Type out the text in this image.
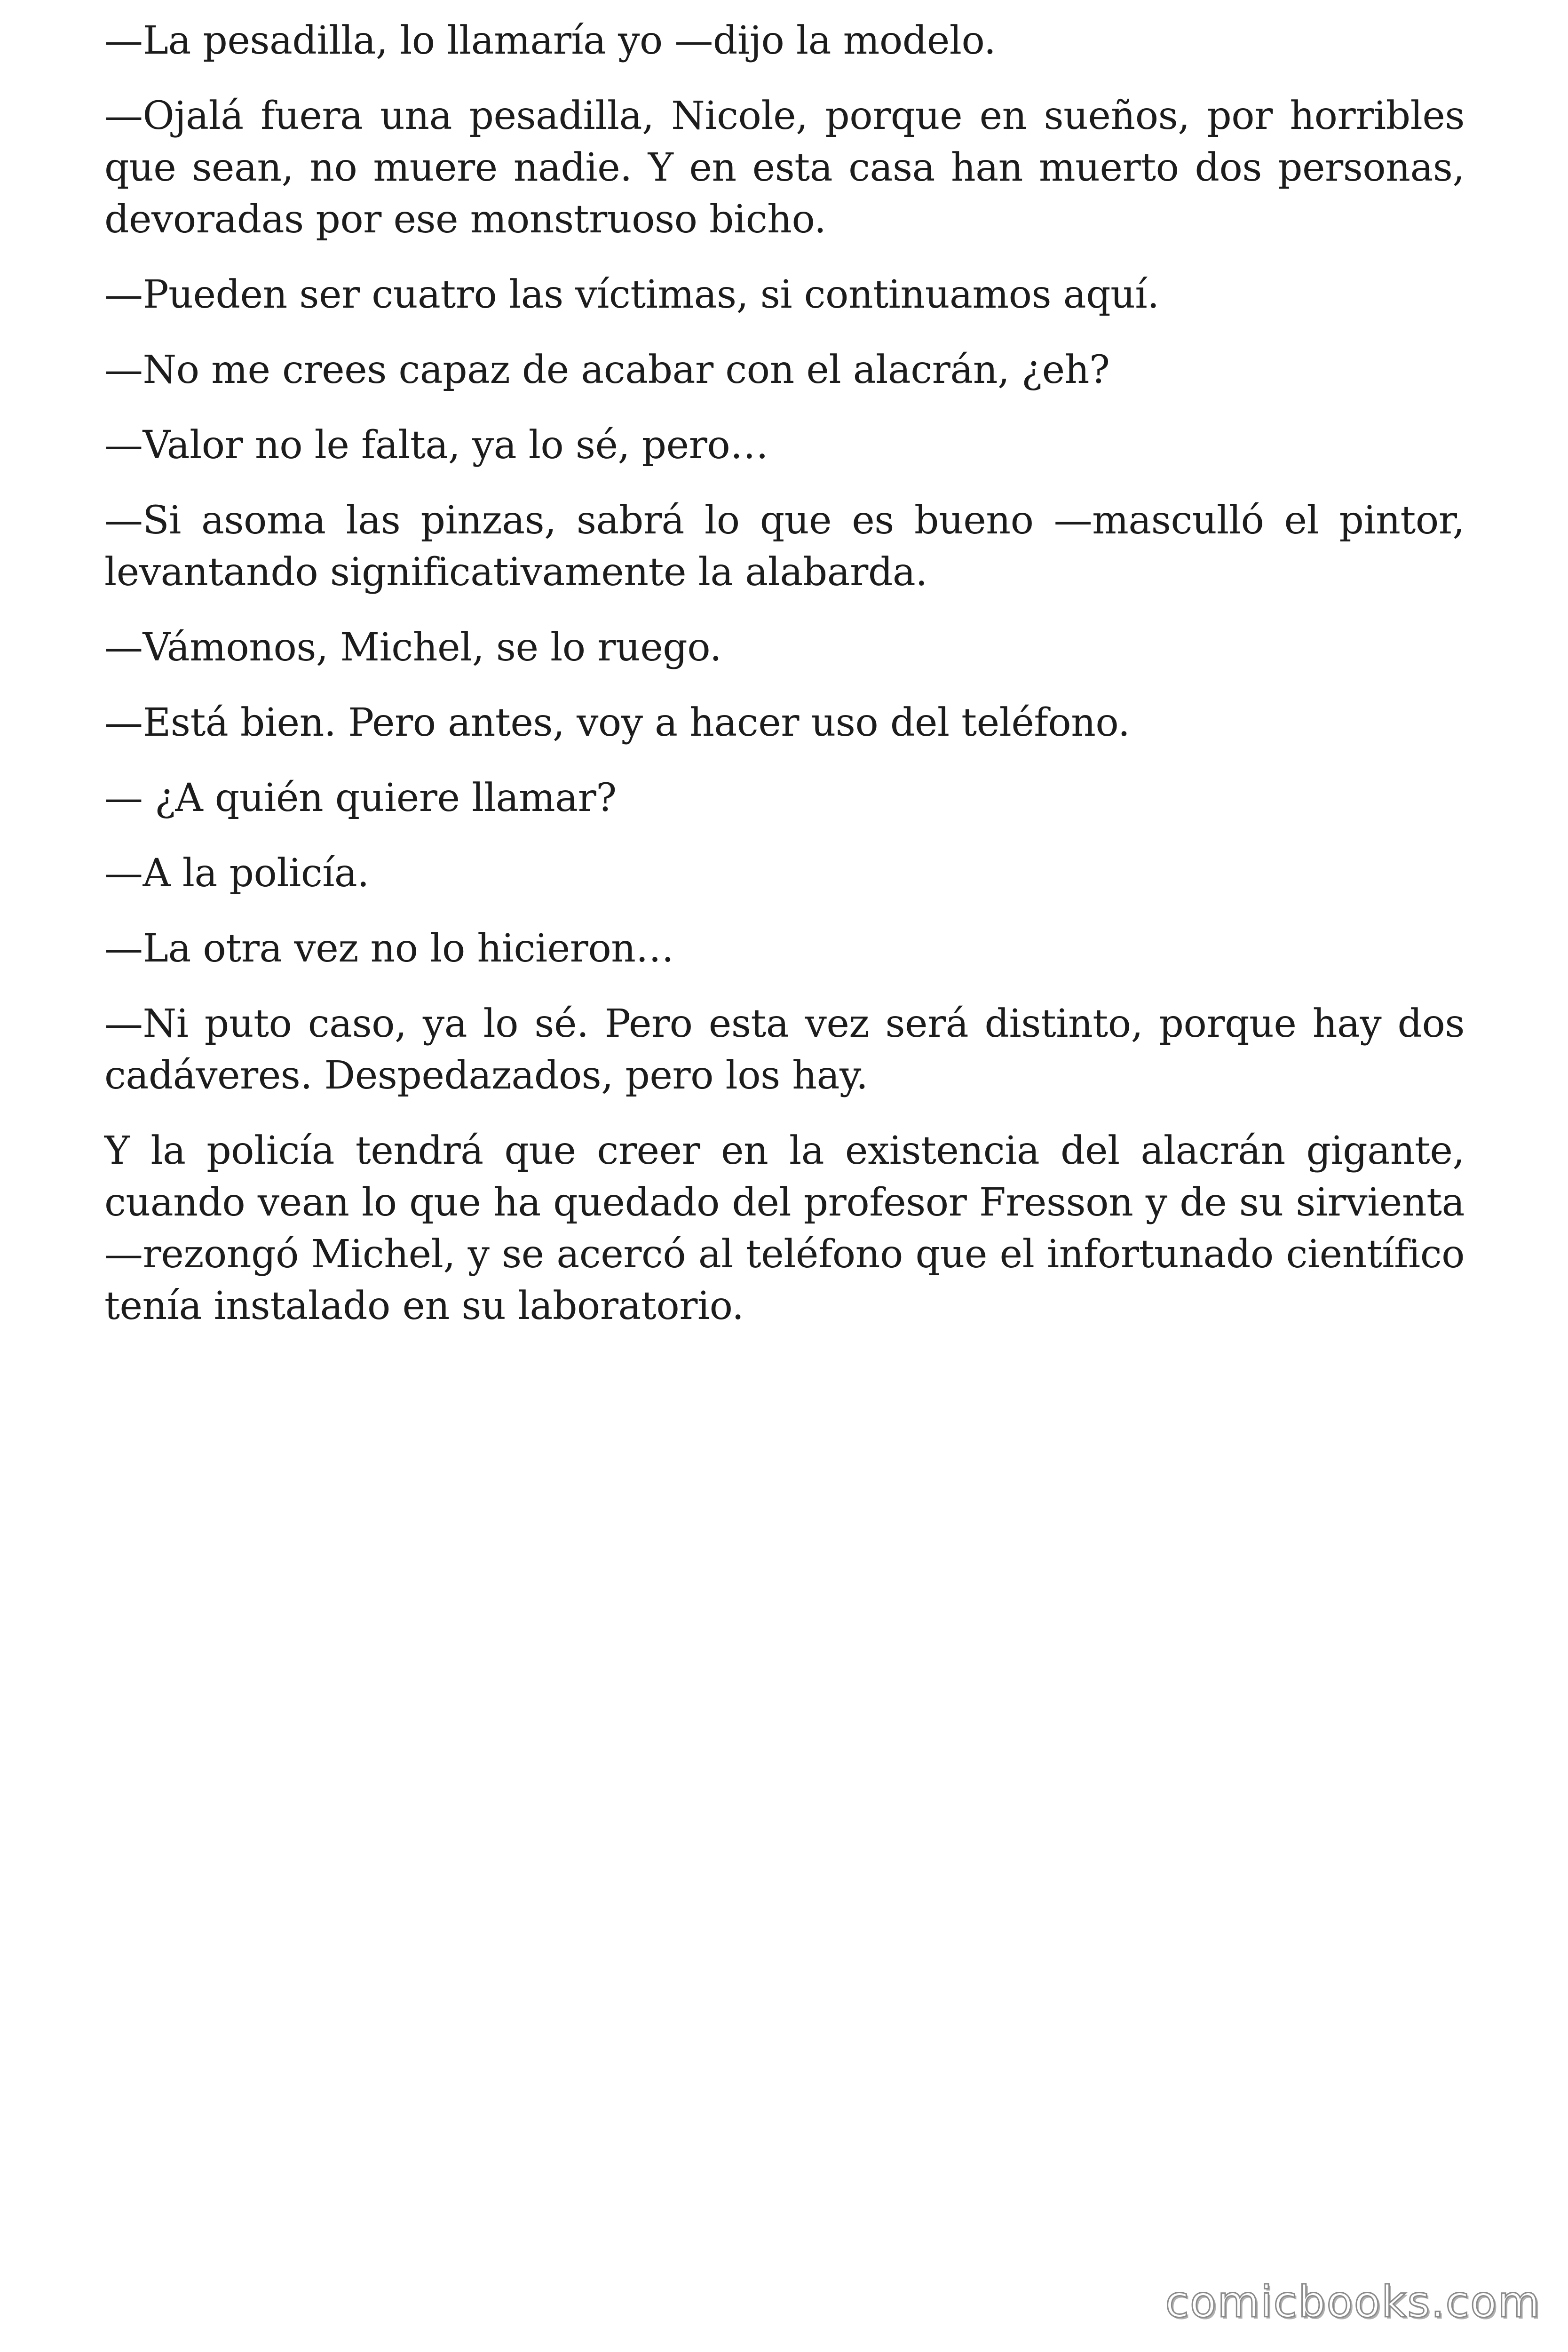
—La pesadilla, lo llamaría yo —dijo la modelo.

—Ojalá fuera una pesadilla, Nicole, porque en sueños, por horribles que sean, no muere nadie. Y en esta casa han muerto dos personas, devoradas por ese monstruoso bicho.

—Pueden ser cuatro las víctimas, si continuamos aquí.

—No me crees capaz de acabar con el alacrán, ¿eh?

—Valor no le falta, ya lo sé, pero…

—Si asoma las pinzas, sabrá lo que es bueno —masculló el pintor, levantando significativamente la alabarda.

—Vámonos, Michel, se lo ruego.

—Está bien. Pero antes, voy a hacer uso del teléfono.

— ¿A quién quiere llamar?

—A la policía.

—La otra vez no lo hicieron…

—Ni puto caso, ya lo sé. Pero esta vez será distinto, porque hay dos cadáveres. Despedazados, pero los hay.

Y la policía tendrá que creer en la existencia del alacrán gigante, cuando vean lo que ha quedado del profesor Fresson y de su sirvienta —rezongó Michel, y se acercó al teléfono que el infortunado científico tenía instalado en su laboratorio.

comicbooks.com
